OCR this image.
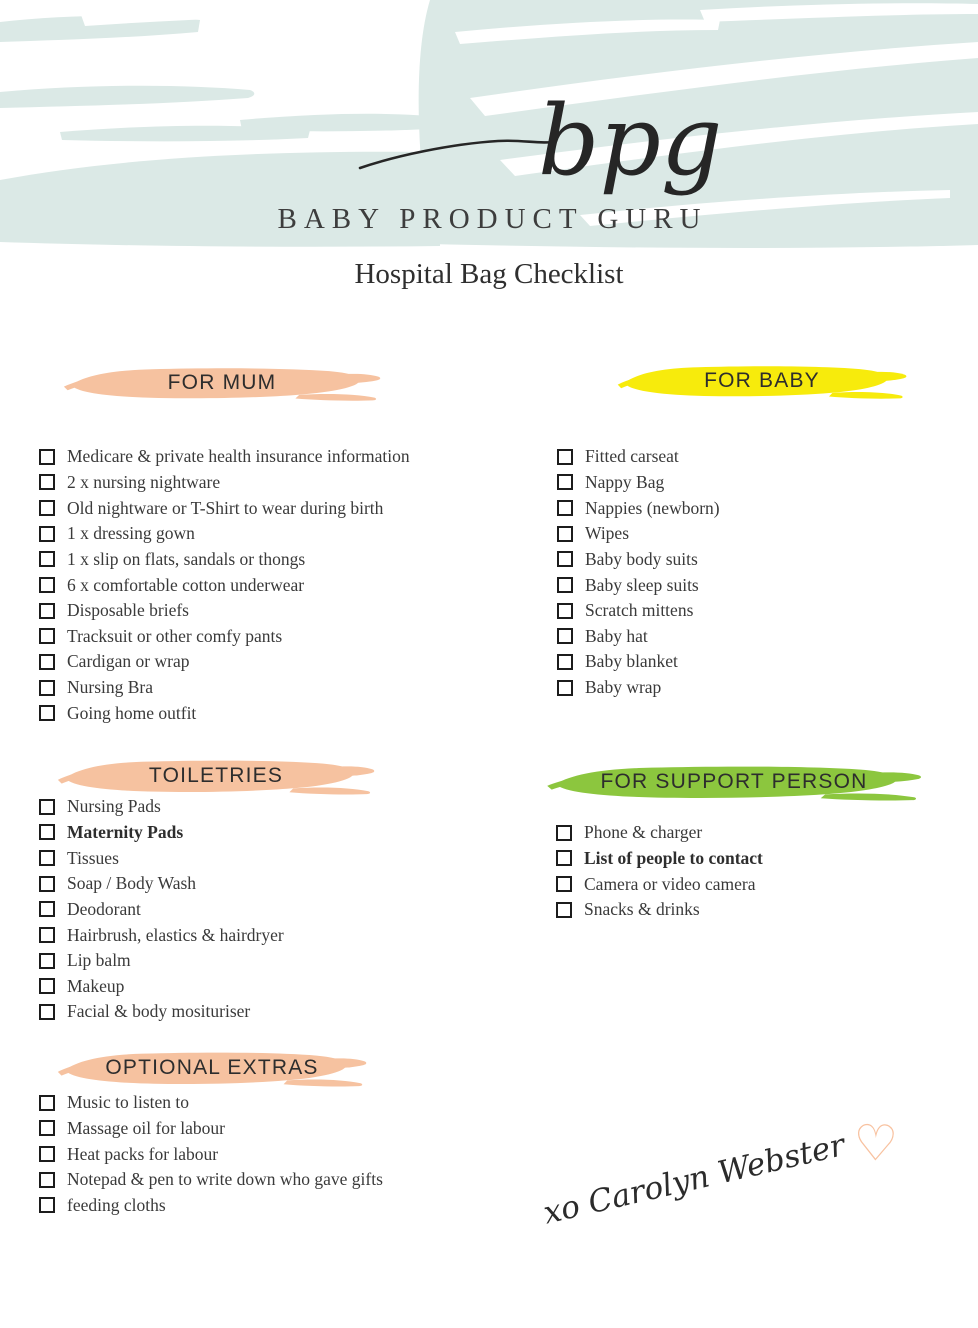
bpg
BABY PRODUCT GURU
Hospital Bag Checklist
FOR MUM	FOR BABY
TOILETRIES	FOR SUPPORT PERSON
OPTIONAL EXTRAS
Medicare & private health insurance information
2 x nursing nightware
Old nightware or T-Shirt to wear during birth
1 x dressing gown
1 x slip on flats, sandals or thongs
6 x comfortable cotton underwear
Disposable briefs
Tracksuit or other comfy pants
Cardigan or wrap
Nursing Bra
Going home outfit
Fitted carseat
Nappy Bag
Nappies (newborn)
Wipes
Baby body suits
Baby sleep suits
Scratch mittens
Baby hat
Baby blanket
Baby wrap
Nursing Pads
Maternity Pads
Tissues
Soap / Body Wash
Deodorant
Hairbrush, elastics & hairdryer
Lip balm
Makeup
Facial & body mosituriser
Phone & charger
List of people to contact
Camera or video camera
Snacks & drinks
Music to listen to
Massage oil for labour
Heat packs for labour
Notepad & pen to write down who gave gifts
feeding cloths	xo Carolyn Webster ♡
